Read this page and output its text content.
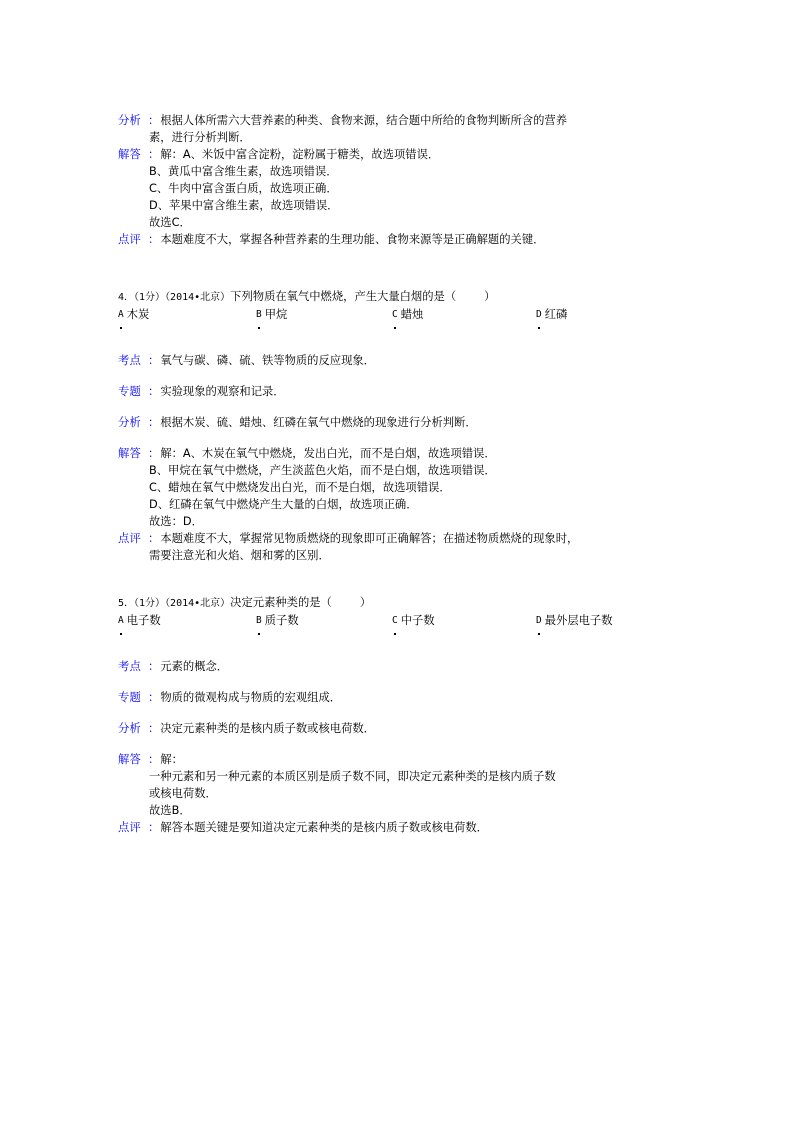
分析 ： 根据人体所需六大营养素的种类、食物来源，结合题中所给的食物判断所含的营养
素，进行分析判断．
解答 ： 解：A、米饭中富含淀粉，淀粉属于糖类，故选项错误．
B、黄瓜中富含维生素，故选项错误．
C、牛肉中富含蛋白质，故选项正确．
D、苹果中富含维生素，故选项错误．
故选C．
点评 ： 本题难度不大，掌握各种营养素的生理功能、食物来源等是正确解题的关键．
4．（1分）（2014•北京）下列物质在氧气中燃烧，产生大量白烟的是（ ）
A 木炭	B 甲烷	C 蜡烛	D 红磷
考点 ： 氧气与碳、磷、硫、铁等物质的反应现象．
专题 ： 实验现象的观察和记录．
分析 ： 根据木炭、硫、蜡烛、红磷在氧气中燃烧的现象进行分析判断．
解答 ： 解：A、木炭在氧气中燃烧，发出白光，而不是白烟，故选项错误．
B、甲烷在氧气中燃烧，产生淡蓝色火焰，而不是白烟，故选项错误．
C、蜡烛在氧气中燃烧发出白光，而不是白烟，故选项错误．
D、红磷在氧气中燃烧产生大量的白烟，故选项正确．
故选：D．
点评 ： 本题难度不大，掌握常见物质燃烧的现象即可正确解答；在描述物质燃烧的现象时，
需要注意光和火焰、烟和雾的区别．
5．（1分）（2014•北京）决定元素种类的是（ ）
A 电子数	B 质子数	C 中子数	D 最外层电子数
考点 ： 元素的概念．
专题 ： 物质的微观构成与物质的宏观组成．
分析 ： 决定元素种类的是核内质子数或核电荷数．
解答 ： 解：
一种元素和另一种元素的本质区别是质子数不同，即决定元素种类的是核内质子数
或核电荷数．
故选B．
点评 ： 解答本题关键是要知道决定元素种类的是核内质子数或核电荷数．
